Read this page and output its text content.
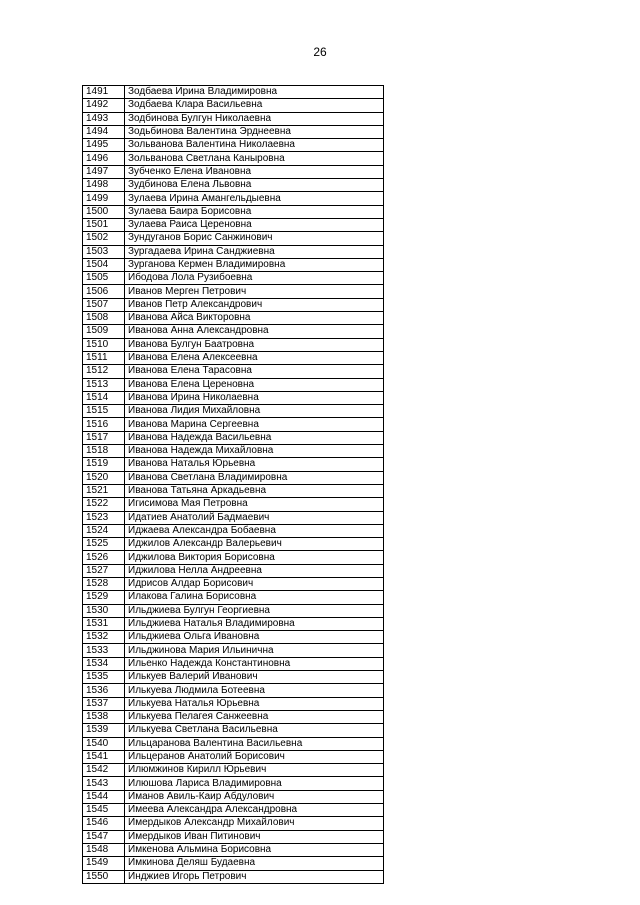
26
1491	Зодбаева Ирина Владимировна
1492	Зодбаева Клара Васильевна
1493	Зодбинова Булгун Николаевна
1494	Зодьбинова Валентина Эрднеевна
1495	Зольванова Валентина Николаевна
1496	Зольванова Светлана Каныровна
1497	Зубченко Елена Ивановна
1498	Зудбинова Елена Львовна
1499	Зулаева Ирина Амангельдыевна
1500	Зулаева Баира Борисовна
1501	Зулаева Раиса Цереновна
1502	Зундуганов Борис Санжинович
1503	Зургадаева Ирина Санджиевна
1504	Зурганова Кермен Владимировна
1505	Ибодова Лола Рузибоевна
1506	Иванов Мерген Петрович
1507	Иванов Петр Александрович
1508	Иванова Айса Викторовна
1509	Иванова Анна Александровна
1510	Иванова Булгун Баатровна
1511	Иванова Елена Алексеевна
1512	Иванова Елена Тарасовна
1513	Иванова Елена Цереновна
1514	Иванова Ирина Николаевна
1515	Иванова Лидия Михайловна
1516	Иванова Марина Сергеевна
1517	Иванова Надежда Васильевна
1518	Иванова Надежда Михайловна
1519	Иванова Наталья Юрьевна
1520	Иванова Светлана Владимировна
1521	Иванова Татьяна Аркадьевна
1522	Игисимова Мая Петровна
1523	Идатиев Анатолий Бадмаевич
1524	Иджаева Александра Бобаевна
1525	Иджилов Александр Валерьевич
1526	Иджилова Виктория Борисовна
1527	Иджилова Нелла Андреевна
1528	Идрисов Алдар Борисович
1529	Илакова Галина Борисовна
1530	Ильджиева Булгун Георгиевна
1531	Ильджиева Наталья Владимировна
1532	Ильджиева Ольга Ивановна
1533	Ильджинова Мария Ильинична
1534	Ильенко Надежда Константиновна
1535	Илькуев Валерий Иванович
1536	Илькуева Людмила Ботеевна
1537	Илькуева Наталья Юрьевна
1538	Илькуева Пелагея Санжеевна
1539	Илькуева Светлана Васильевна
1540	Ильцаранова Валентина Васильевна
1541	Ильцеранов Анатолий Борисович
1542	Илюмжинов Кирилл Юрьевич
1543	Илюшова Лариса Владимировна
1544	Иманов Авиль-Каир Абдулович
1545	Имеева Александра Александровна
1546	Имердыков Александр Михайлович
1547	Имердыков Иван Питинович
1548	Имкенова Альмина Борисовна
1549	Имкинова Деляш Будаевна
1550	Инджиев Игорь Петрович
